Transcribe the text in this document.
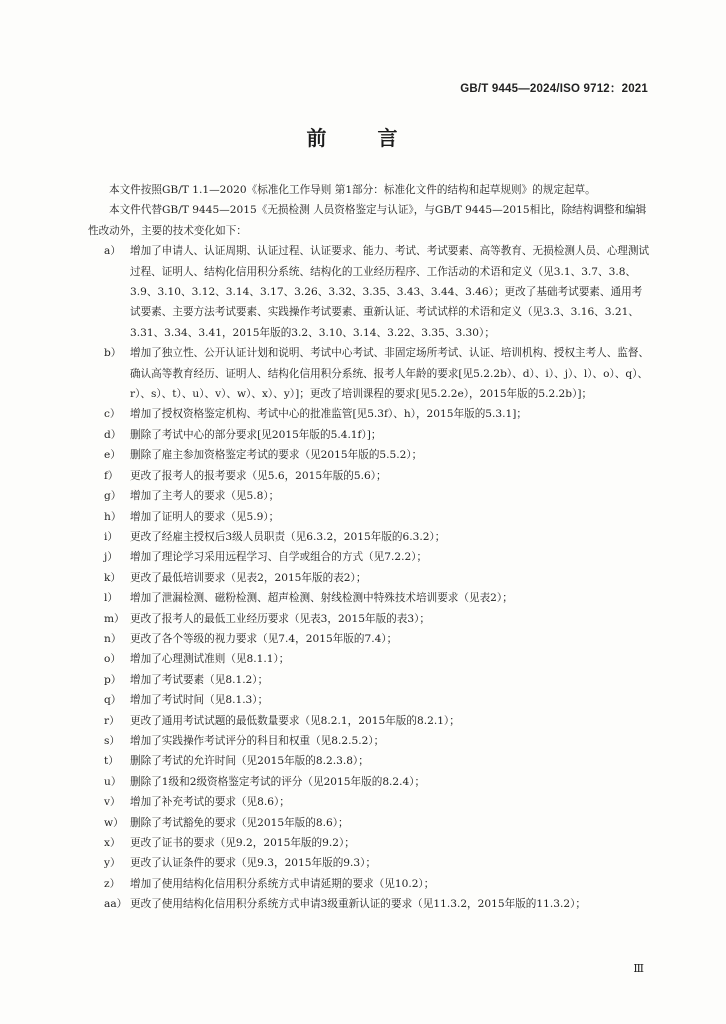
GB/T 9445—2024/ISO 9712：2021
前 言

本文件按照GB/T 1.1—2020《标准化工作导则 第1部分：标准化文件的结构和起草规则》的规定起草。

本文件代替GB/T 9445—2015《无损检测 人员资格鉴定与认证》，与GB/T 9445—2015相比，除结构调整和编辑性改动外，主要的技术变化如下：

a） 增加了申请人、认证周期、认证过程、认证要求、能力、考试、考试要素、高等教育、无损检测人员、心理测试过程、证明人、结构化信用积分系统、结构化的工业经历程序、工作活动的术语和定义（见3.1、3.7、3.8、3.9、3.10、3.12、3.14、3.17、3.26、3.32、3.35、3.43、3.44、3.46）；更改了基础考试要素、通用考试要素、主要方法考试要素、实践操作考试要素、重新认证、考试试样的术语和定义（见3.3、3.16、3.21、3.31、3.34、3.41，2015年版的3.2、3.10、3.14、3.22、3.35、3.30）；
b） 增加了独立性、公开认证计划和说明、考试中心考试、非固定场所考试、认证、培训机构、授权主考人、监督、确认高等教育经历、证明人、结构化信用积分系统、报考人年龄的要求[见5.2.2b）、d）、i）、j）、l）、o）、q）、r）、s）、t）、u）、v）、w）、x）、y）]；更改了培训课程的要求[见5.2.2e），2015年版的5.2.2b）]；
c） 增加了授权资格鉴定机构、考试中心的批准监管[见5.3f）、h），2015年版的5.3.1]；
d） 删除了考试中心的部分要求[见2015年版的5.4.1f）]；
e） 删除了雇主参加资格鉴定考试的要求（见2015年版的5.5.2）；
f）	更改了报考人的报考要求（见5.6，2015年版的5.6）；
g） 增加了主考人的要求（见5.8）；
h） 增加了证明人的要求（见5.9）；
i）	更改了经雇主授权后3级人员职责（见6.3.2，2015年版的6.3.2）；
j）	增加了理论学习采用远程学习、自学或组合的方式（见7.2.2）；
k） 更改了最低培训要求（见表2，2015年版的表2）；
l）	增加了泄漏检测、磁粉检测、超声检测、射线检测中特殊技术培训要求（见表2）；
m） 更改了报考人的最低工业经历要求（见表3，2015年版的表3）；
n） 更改了各个等级的视力要求（见7.4，2015年版的7.4）；
o） 增加了心理测试准则（见8.1.1）；
p） 增加了考试要素（见8.1.2）；
q） 增加了考试时间（见8.1.3）；
r） 更改了通用考试试题的最低数量要求（见8.2.1，2015年版的8.2.1）；
s） 增加了实践操作考试评分的科目和权重（见8.2.5.2）；
t）	删除了考试的允许时间（见2015年版的8.2.3.8）；
u） 删除了1级和2级资格鉴定考试的评分（见2015年版的8.2.4）；
v） 增加了补充考试的要求（见8.6）；
w） 删除了考试豁免的要求（见2015年版的8.6）；
x） 更改了证书的要求（见9.2，2015年版的9.2）；
y） 更改了认证条件的要求（见9.3，2015年版的9.3）；
z） 增加了使用结构化信用积分系统方式申请延期的要求（见10.2）；
aa） 更改了使用结构化信用积分系统方式申请3级重新认证的要求（见11.3.2，2015年版的11.3.2）；
Ⅲ
